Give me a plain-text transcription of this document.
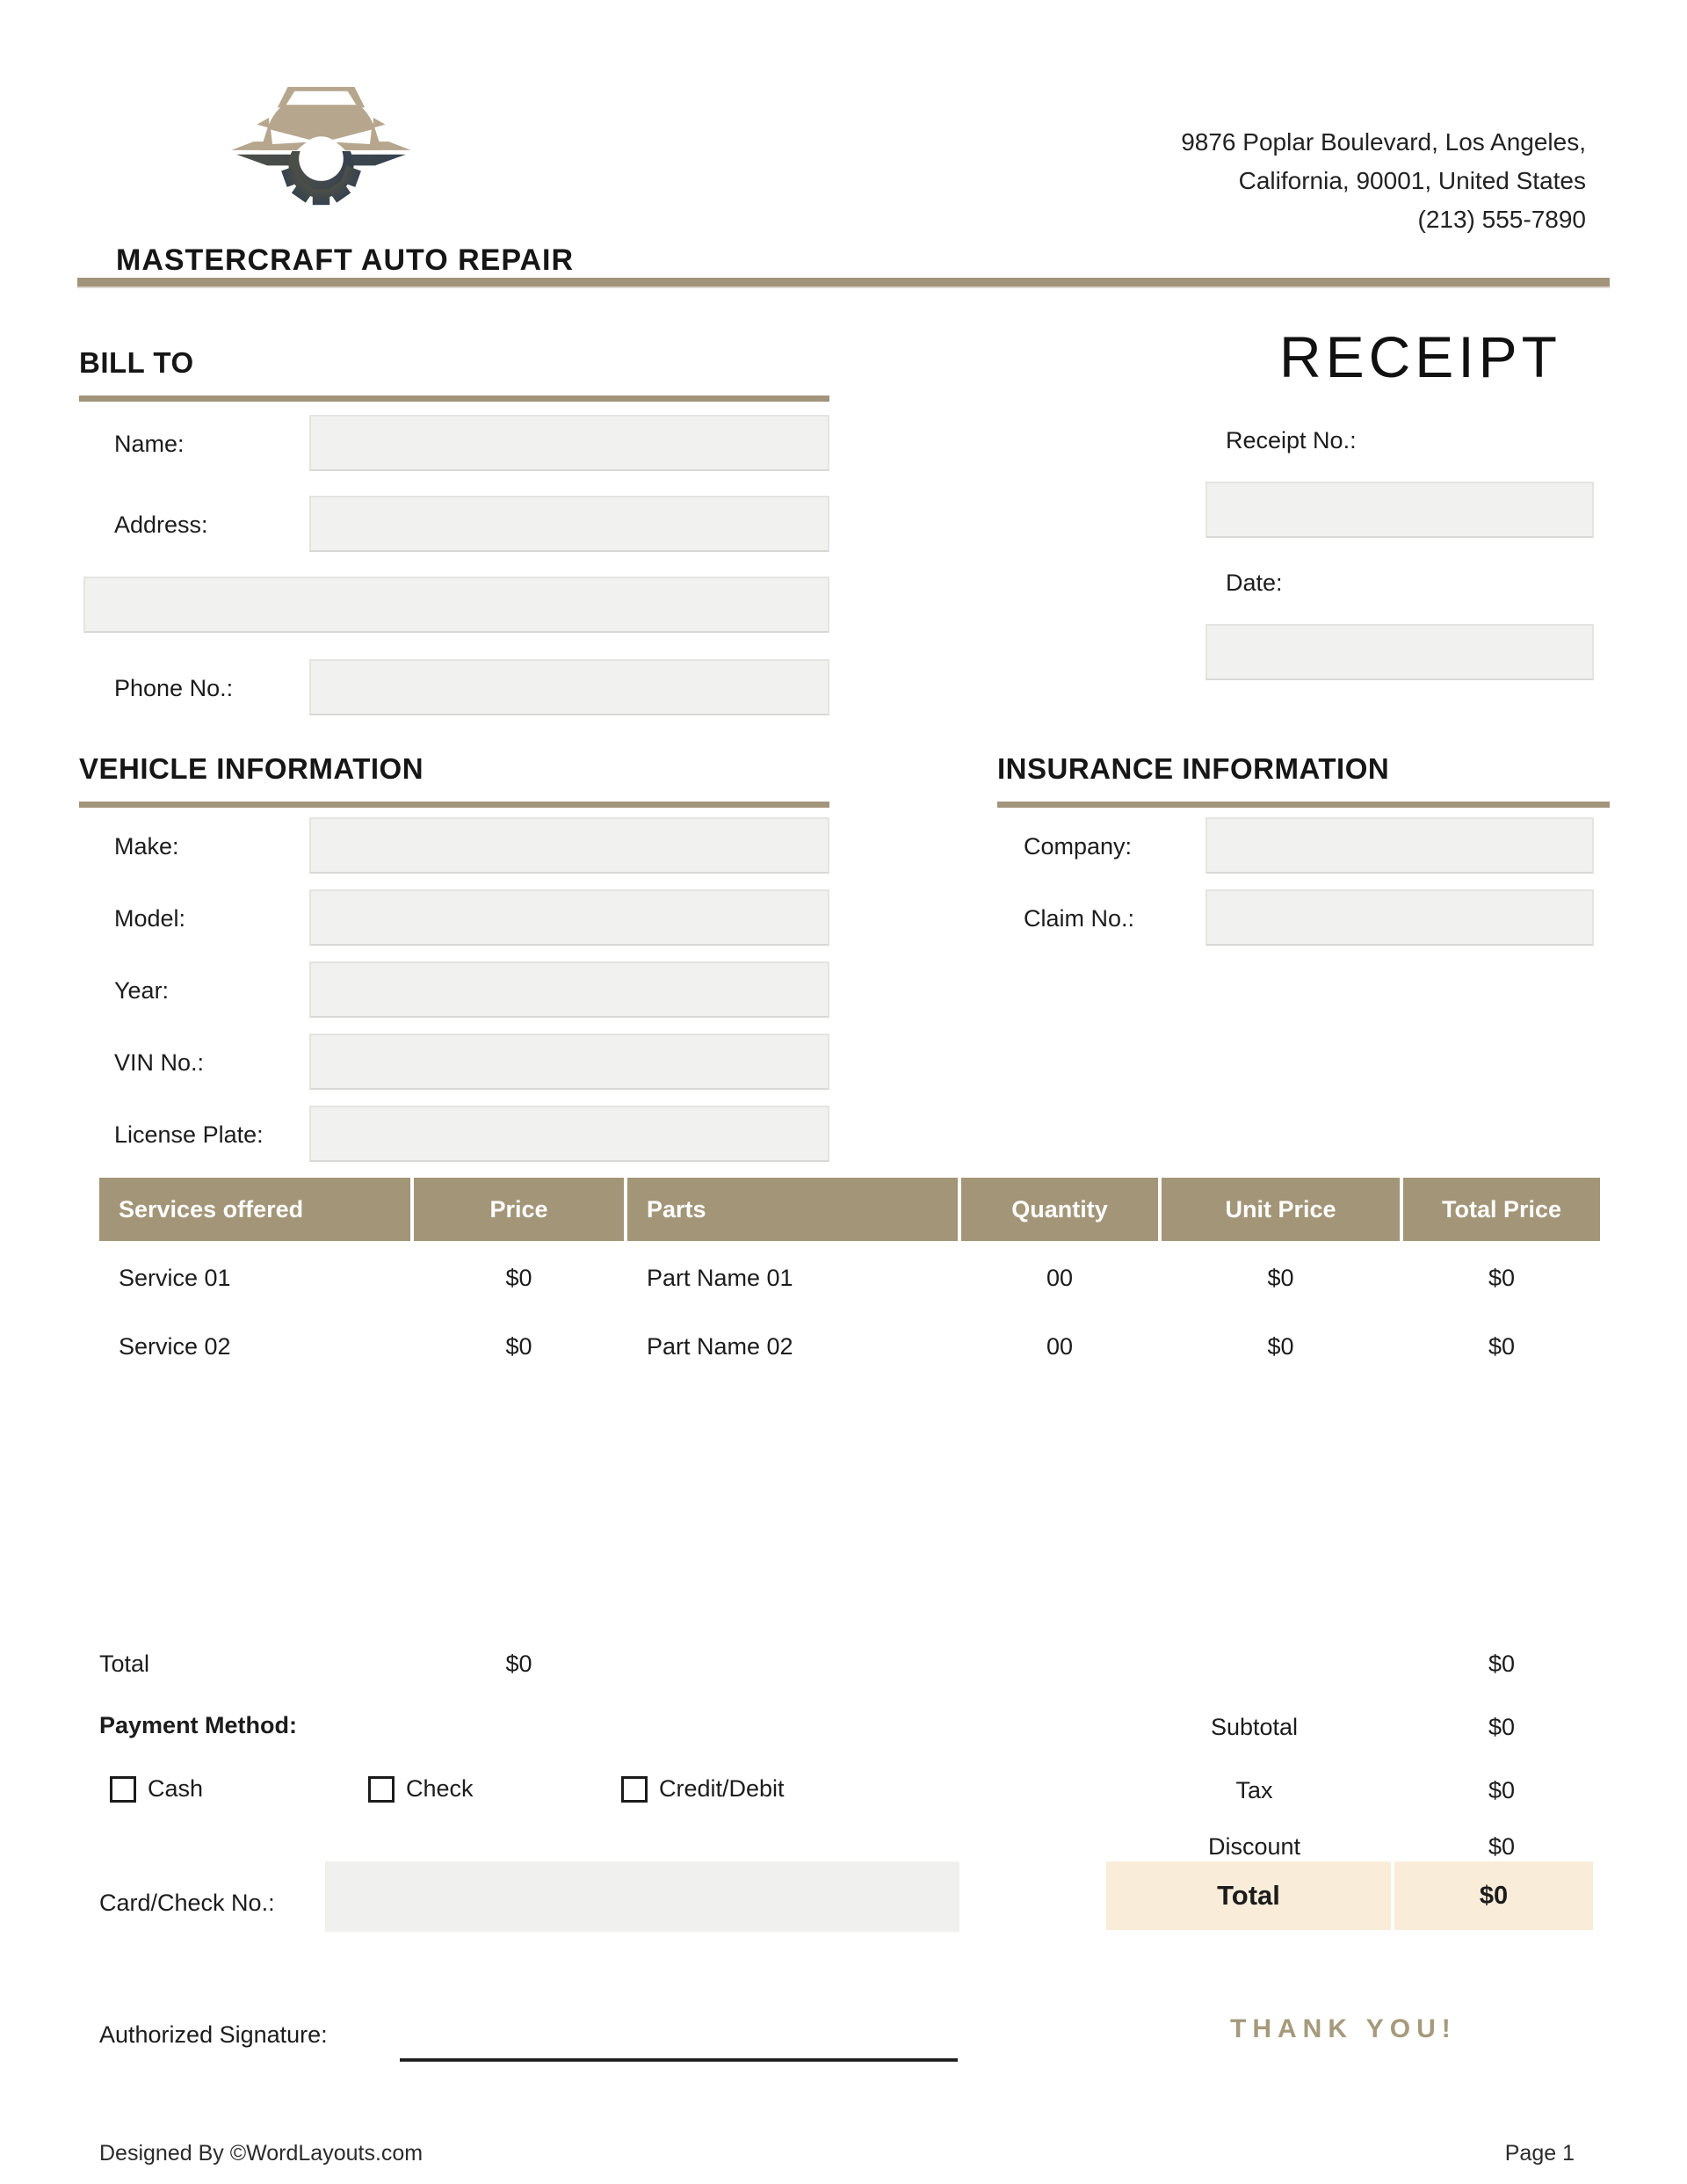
MASTERCRAFT AUTO REPAIR
9876 Poplar Boulevard, Los Angeles,
California, 90001, United States
(213) 555-7890
BILL TO	RECEIPT
Name:
Address:
Phone No.:
Receipt No.:
Date:
VEHICLE INFORMATION
Make:
Model:
Year:
VIN No.:
License Plate:
INSURANCE INFORMATION
Company:
Claim No.:
Services offered	Price	Parts	Quantity	Unit Price	Total Price
Service 01	$0	Part Name 01	00	$0	$0
Service 02	$0	Part Name 02	00	$0	$0
Total	$0	$0
Payment Method:	Subtotal	$0
Cash	Check	Credit/Debit	Tax	$0
Discount	$0
Card/Check No.:	Total	$0
Authorized Signature:	THANK YOU!
Designed By ©WordLayouts.com	Page 1
